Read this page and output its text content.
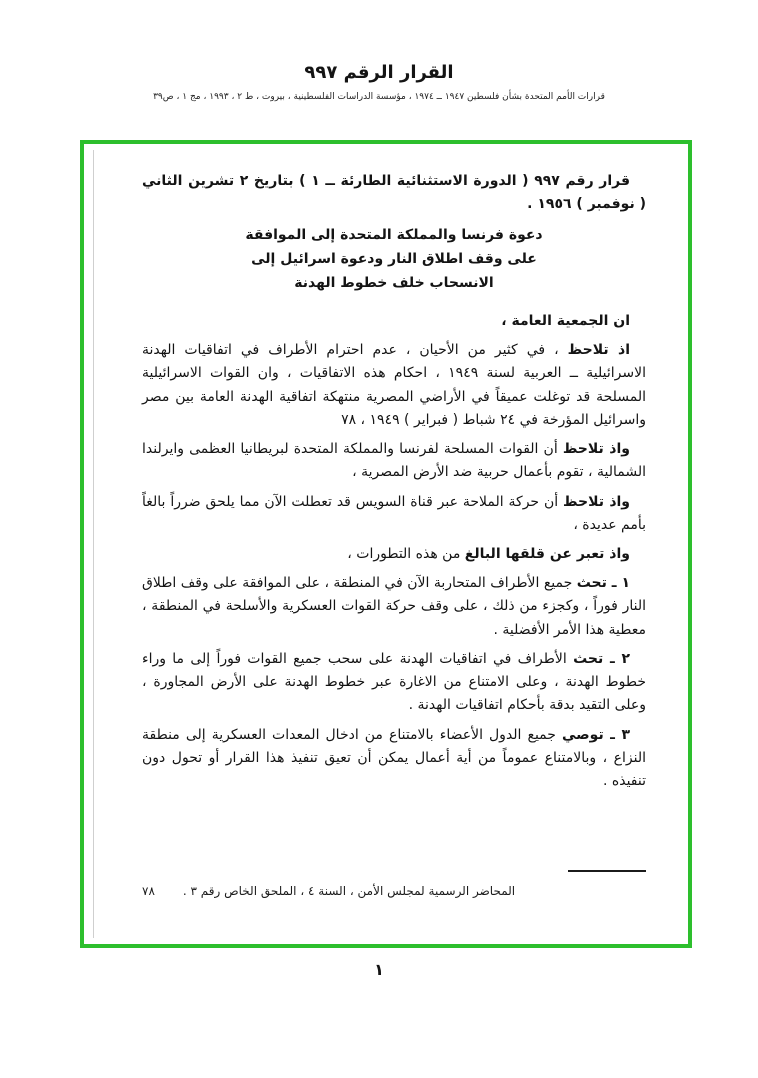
القرار الرقم ٩٩٧
قرارات الأمم المتحدة بشأن فلسطين ١٩٤٧ ــ ١٩٧٤ ، مؤسسة الدراسات الفلسطينية ، بيروت ، ط ٢ ، ١٩٩٣ ، مج ١ ، ص٣٩

قرار رقم ٩٩٧ ( الدورة الاستثنائية الطارئة ــ ١ ) بتاريخ ٢ تشرين الثاني ( نوفمبر ) ١٩٥٦ .

دعوة فرنسا والمملكة المتحدة إلى الموافقة
على وقف اطلاق النار ودعوة اسرائيل إلى
الانسحاب خلف خطوط الهدنة

ان الجمعية العامة ،

اذ تلاحظ ، في كثير من الأحيان ، عدم احترام الأطراف في اتفاقيات الهدنة الاسرائيلية ــ العربية لسنة ١٩٤٩ ، احكام هذه الاتفاقيات ، وان القوات الاسرائيلية المسلحة قد توغلت عميقاً في الأراضي المصرية منتهكة اتفاقية الهدنة العامة بين مصر واسرائيل المؤرخة في ٢٤ شباط ( فبراير ) ١٩٤٩ ، ٧٨

واذ تلاحظ أن القوات المسلحة لفرنسا والمملكة المتحدة لبريطانيا العظمى وايرلندا الشمالية ، تقوم بأعمال حربية ضد الأرض المصرية ،

واذ تلاحظ أن حركة الملاحة عبر قناة السويس قد تعطلت الآن مما يلحق ضرراً بالغاً بأمم عديدة ،

واذ تعبر عن قلقها البالغ من هذه التطورات ،

١ ـ تحث جميع الأطراف المتحاربة الآن في المنطقة ، على الموافقة على وقف اطلاق النار فوراً ، وكجزء من ذلك ، على وقف حركة القوات العسكرية والأسلحة في المنطقة ، معطية هذا الأمر الأفضلية .

٢ ـ تحث الأطراف في اتفاقيات الهدنة على سحب جميع القوات فوراً إلى ما وراء خطوط الهدنة ، وعلى الامتناع من الاغارة عبر خطوط الهدنة على الأرض المجاورة ، وعلى التقيد بدقة بأحكام اتفاقيات الهدنة .

٣ ـ توصي جميع الدول الأعضاء بالامتناع من ادخال المعدات العسكرية إلى منطقة النزاع ، وبالامتناع عموماً من أية أعمال يمكن أن تعيق تنفيذ هذا القرار أو تحول دون تنفيذه .

٧٨ المحاضر الرسمية لمجلس الأمن ، السنة ٤ ، الملحق الخاص رقم ٣ .
١
